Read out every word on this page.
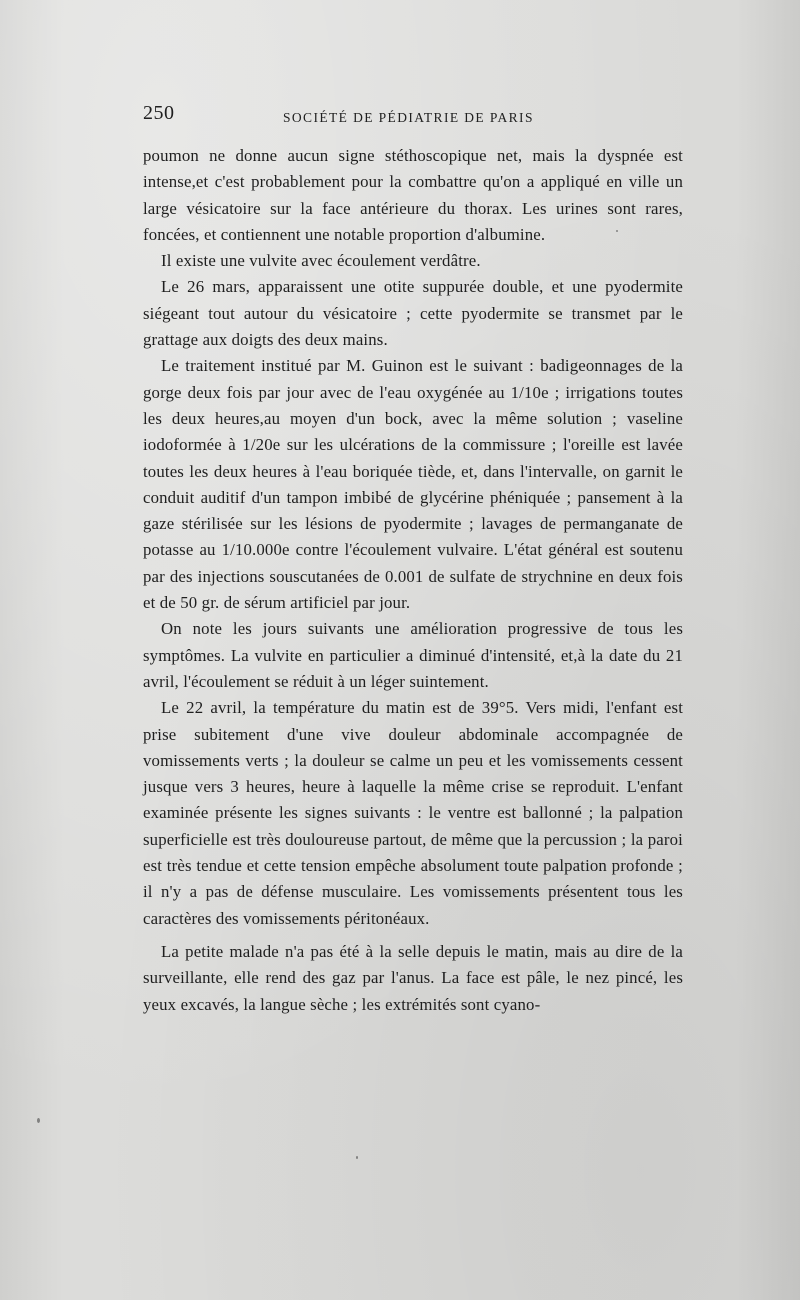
250	SOCIÉTÉ DE PÉDIATRIE DE PARIS

poumon ne donne aucun signe stéthoscopique net, mais la dyspnée est intense,et c'est probablement pour la combattre qu'on a appliqué en ville un large vésicatoire sur la face antérieure du thorax. Les urines sont rares, foncées, et contiennent une notable proportion d'albumine.

Il existe une vulvite avec écoulement verdâtre.

Le 26 mars, apparaissent une otite suppurée double, et une pyodermite siégeant tout autour du vésicatoire ; cette pyodermite se transmet par le grattage aux doigts des deux mains.

Le traitement institué par M. Guinon est le suivant : badigeonnages de la gorge deux fois par jour avec de l'eau oxygénée au 1/10e ; irrigations toutes les deux heures,au moyen d'un bock, avec la même solution ; vaseline iodoformée à 1/20e sur les ulcérations de la commissure ; l'oreille est lavée toutes les deux heures à l'eau boriquée tiède, et, dans l'intervalle, on garnit le conduit auditif d'un tampon imbibé de glycérine phéniquée ; pansement à la gaze stérilisée sur les lésions de pyodermite ; lavages de permanganate de potasse au 1/10.000e contre l'écoulement vulvaire. L'état général est soutenu par des injections souscutanées de 0.001 de sulfate de strychnine en deux fois et de 50 gr. de sérum artificiel par jour.

On note les jours suivants une amélioration progressive de tous les symptômes. La vulvite en particulier a diminué d'intensité, et,à la date du 21 avril, l'écoulement se réduit à un léger suintement.

Le 22 avril, la température du matin est de 39°5. Vers midi, l'enfant est prise subitement d'une vive douleur abdominale accompagnée de vomissements verts ; la douleur se calme un peu et les vomissements cessent jusque vers 3 heures, heure à laquelle la même crise se reproduit. L'enfant examinée présente les signes suivants : le ventre est ballonné ; la palpation superficielle est très douloureuse partout, de même que la percussion ; la paroi est très tendue et cette tension empêche absolument toute palpation profonde ; il n'y a pas de défense musculaire. Les vomissements présentent tous les caractères des vomissements péritonéaux.

La petite malade n'a pas été à la selle depuis le matin, mais au dire de la surveillante, elle rend des gaz par l'anus. La face est pâle, le nez pincé, les yeux excavés, la langue sèche ; les extrémités sont cyano-
